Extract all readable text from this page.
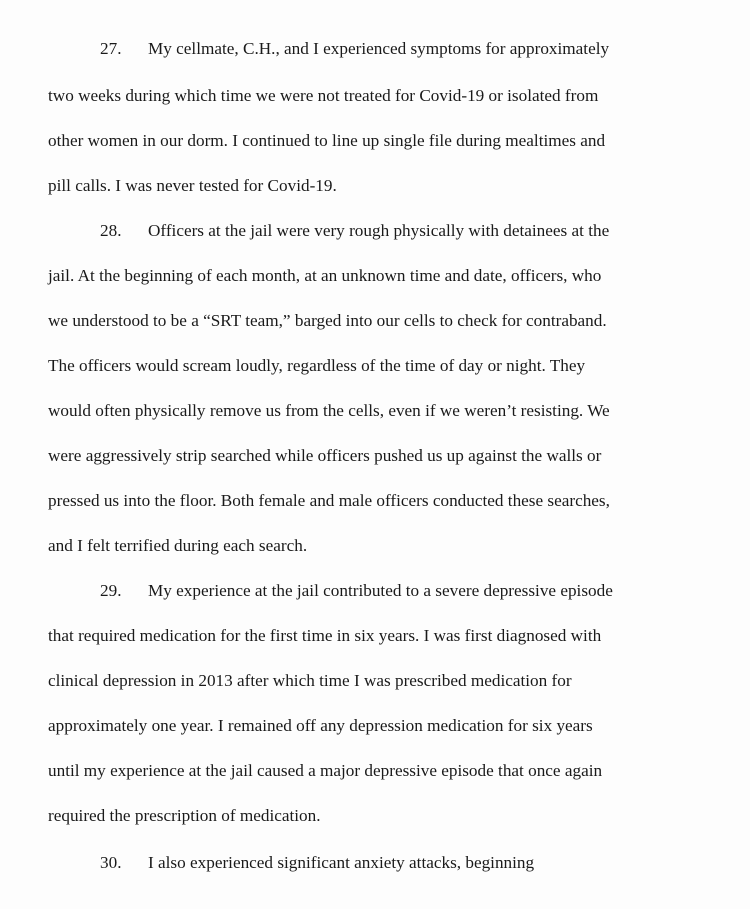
27. My cellmate, C.H., and I experienced symptoms for approximately
two weeks during which time we were not treated for Covid-19 or isolated from
other women in our dorm. I continued to line up single file during mealtimes and
pill calls. I was never tested for Covid-19.
28. Officers at the jail were very rough physically with detainees at the
jail. At the beginning of each month, at an unknown time and date, officers, who
we understood to be a “SRT team,” barged into our cells to check for contraband.
The officers would scream loudly, regardless of the time of day or night. They
would often physically remove us from the cells, even if we weren’t resisting. We
were aggressively strip searched while officers pushed us up against the walls or
pressed us into the floor. Both female and male officers conducted these searches,
and I felt terrified during each search.
29. My experience at the jail contributed to a severe depressive episode
that required medication for the first time in six years. I was first diagnosed with
clinical depression in 2013 after which time I was prescribed medication for
approximately one year. I remained off any depression medication for six years
until my experience at the jail caused a major depressive episode that once again
required the prescription of medication.
30. I also experienced significant anxiety attacks, beginning
